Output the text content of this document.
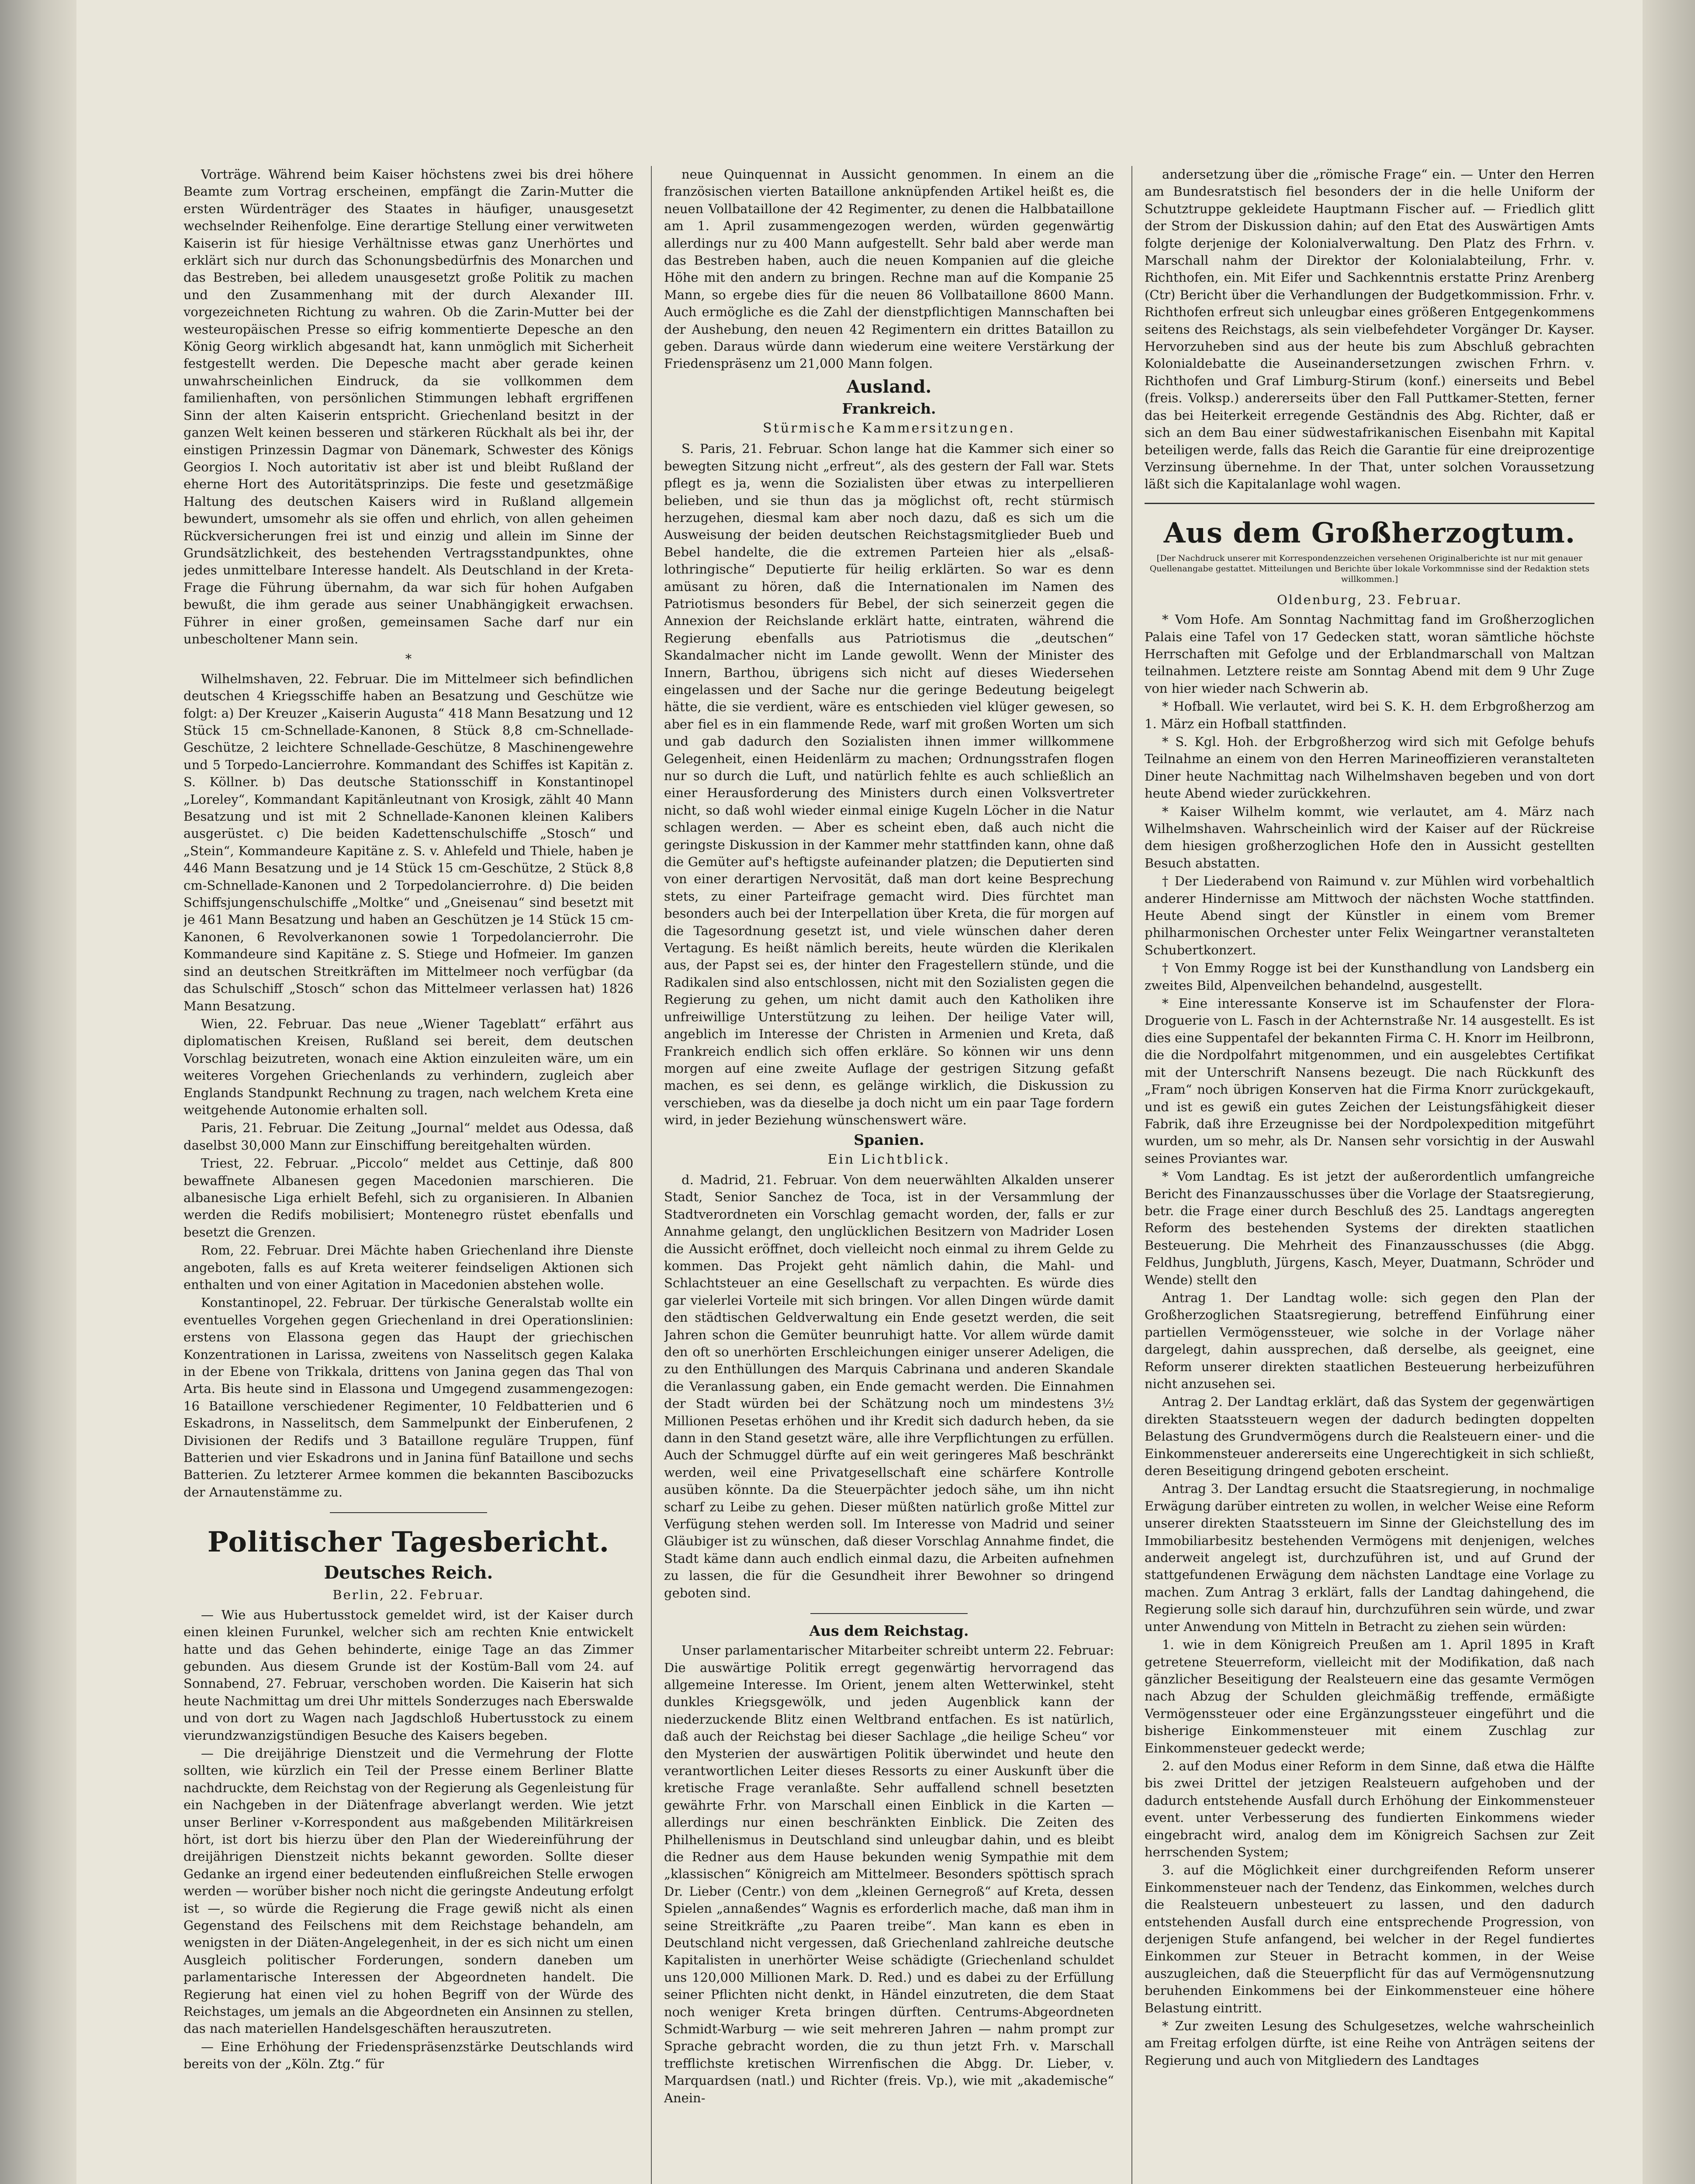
Vorträge. Während beim Kaiser höchstens zwei bis drei höhere Beamte zum Vortrag erscheinen, empfängt die Zarin-Mutter die ersten Würdenträger des Staates in häufiger, unausgesetzt wechselnder Reihenfolge. Eine derartige Stellung einer verwitweten Kaiserin ist für hiesige Verhältnisse etwas ganz Unerhörtes und erklärt sich nur durch das Schonungsbedürfnis des Monarchen und das Bestreben, bei alledem unausgesetzt große Politik zu machen und den Zusammenhang mit der durch Alexander III. vorgezeichneten Richtung zu wahren. Ob die Zarin-Mutter bei der westeuropäischen Presse so eifrig kommentierte Depesche an den König Georg wirklich abgesandt hat, kann unmöglich mit Sicherheit festgestellt werden. Die Depesche macht aber gerade keinen unwahrscheinlichen Eindruck, da sie vollkommen dem familienhaften, von persönlichen Stimmungen lebhaft ergriffenen Sinn der alten Kaiserin entspricht. Griechenland besitzt in der ganzen Welt keinen besseren und stärkeren Rückhalt als bei ihr, der einstigen Prinzessin Dagmar von Dänemark, Schwester des Königs Georgios I. Noch autoritativ ist aber ist und bleibt Rußland der eherne Hort des Autoritätsprinzips. Die feste und gesetzmäßige Haltung des deutschen Kaisers wird in Rußland allgemein bewundert, umsomehr als sie offen und ehrlich, von allen geheimen Rückversicherungen frei ist und einzig und allein im Sinne der Grundsätzlichkeit, des bestehenden Vertragsstandpunktes, ohne jedes unmittelbare Interesse handelt. Als Deutschland in der Kreta-Frage die Führung übernahm, da war sich für hohen Aufgaben bewußt, die ihm gerade aus seiner Unabhängigkeit erwachsen. Führer in einer großen, gemeinsamen Sache darf nur ein unbescholtener Mann sein.

*

Wilhelmshaven, 22. Februar. Die im Mittelmeer sich befindlichen deutschen 4 Kriegsschiffe haben an Besatzung und Geschütze wie folgt: a) Der Kreuzer „Kaiserin Augusta“ 418 Mann Besatzung und 12 Stück 15 cm-Schnellade-Kanonen, 8 Stück 8,8 cm-Schnellade-Geschütze, 2 leichtere Schnellade-Geschütze, 8 Maschinengewehre und 5 Torpedo-Lancierrohre. Kommandant des Schiffes ist Kapitän z. S. Köllner. b) Das deutsche Stationsschiff in Konstantinopel „Loreley“, Kommandant Kapitänleutnant von Krosigk, zählt 40 Mann Besatzung und ist mit 2 Schnellade-Kanonen kleinen Kalibers ausgerüstet. c) Die beiden Kadettenschulschiffe „Stosch“ und „Stein“, Kommandeure Kapitäne z. S. v. Ahlefeld und Thiele, haben je 446 Mann Besatzung und je 14 Stück 15 cm-Geschütze, 2 Stück 8,8 cm-Schnellade-Kanonen und 2 Torpedolancierrohre. d) Die beiden Schiffsjungenschulschiffe „Moltke“ und „Gneisenau“ sind besetzt mit je 461 Mann Besatzung und haben an Geschützen je 14 Stück 15 cm-Kanonen, 6 Revolverkanonen sowie 1 Torpedolancierrohr. Die Kommandeure sind Kapitäne z. S. Stiege und Hofmeier. Im ganzen sind an deutschen Streitkräften im Mittelmeer noch verfügbar (da das Schulschiff „Stosch“ schon das Mittelmeer verlassen hat) 1826 Mann Besatzung.

Wien, 22. Februar. Das neue „Wiener Tageblatt“ erfährt aus diplomatischen Kreisen, Rußland sei bereit, dem deutschen Vorschlag beizutreten, wonach eine Aktion einzuleiten wäre, um ein weiteres Vorgehen Griechenlands zu verhindern, zugleich aber Englands Standpunkt Rechnung zu tragen, nach welchem Kreta eine weitgehende Autonomie erhalten soll.

Paris, 21. Februar. Die Zeitung „Journal“ meldet aus Odessa, daß daselbst 30,000 Mann zur Einschiffung bereitgehalten würden.

Triest, 22. Februar. „Piccolo“ meldet aus Cettinje, daß 800 bewaffnete Albanesen gegen Macedonien marschieren. Die albanesische Liga erhielt Befehl, sich zu organisieren. In Albanien werden die Redifs mobilisiert; Montenegro rüstet ebenfalls und besetzt die Grenzen.

Rom, 22. Februar. Drei Mächte haben Griechenland ihre Dienste angeboten, falls es auf Kreta weiterer feindseligen Aktionen sich enthalten und von einer Agitation in Macedonien abstehen wolle.

Konstantinopel, 22. Februar. Der türkische Generalstab wollte ein eventuelles Vorgehen gegen Griechenland in drei Operationslinien: erstens von Elassona gegen das Haupt der griechischen Konzentrationen in Larissa, zweitens von Nasselitsch gegen Kalaka in der Ebene von Trikkala, drittens von Janina gegen das Thal von Arta. Bis heute sind in Elassona und Umgegend zusammengezogen: 16 Bataillone verschiedener Regimenter, 10 Feldbatterien und 6 Eskadrons, in Nasselitsch, dem Sammelpunkt der Einberufenen, 2 Divisionen der Redifs und 3 Bataillone reguläre Truppen, fünf Batterien und vier Eskadrons und in Janina fünf Bataillone und sechs Batterien. Zu letzterer Armee kommen die bekannten Bascibozucks der Arnautenstämme zu.

Politischer Tagesbericht.
Deutsches Reich.
Berlin, 22. Februar.

— Wie aus Hubertusstock gemeldet wird, ist der Kaiser durch einen kleinen Furunkel, welcher sich am rechten Knie entwickelt hatte und das Gehen behinderte, einige Tage an das Zimmer gebunden. Aus diesem Grunde ist der Kostüm-Ball vom 24. auf Sonnabend, 27. Februar, verschoben worden. Die Kaiserin hat sich heute Nachmittag um drei Uhr mittels Sonderzuges nach Eberswalde und von dort zu Wagen nach Jagdschloß Hubertusstock zu einem vierundzwanzigstündigen Besuche des Kaisers begeben.

— Die dreijährige Dienstzeit und die Vermehrung der Flotte sollten, wie kürzlich ein Teil der Presse einem Berliner Blatte nachdruckte, dem Reichstag von der Regierung als Gegenleistung für ein Nachgeben in der Diätenfrage abverlangt werden. Wie jetzt unser Berliner v-Korrespondent aus maßgebenden Militärkreisen hört, ist dort bis hierzu über den Plan der Wiedereinführung der dreijährigen Dienstzeit nichts bekannt geworden. Sollte dieser Gedanke an irgend einer bedeutenden einflußreichen Stelle erwogen werden — worüber bisher noch nicht die geringste Andeutung erfolgt ist —, so würde die Regierung die Frage gewiß nicht als einen Gegenstand des Feilschens mit dem Reichstage behandeln, am wenigsten in der Diäten-Angelegenheit, in der es sich nicht um einen Ausgleich politischer Forderungen, sondern daneben um parlamentarische Interessen der Abgeordneten handelt. Die Regierung hat einen viel zu hohen Begriff von der Würde des Reichstages, um jemals an die Abgeordneten ein Ansinnen zu stellen, das nach materiellen Handelsgeschäften herauszutreten.

— Eine Erhöhung der Friedenspräsenzstärke Deutschlands wird bereits von der „Köln. Ztg.“ für

neue Quinquennat in Aussicht genommen. In einem an die französischen vierten Bataillone anknüpfenden Artikel heißt es, die neuen Vollbataillone der 42 Regimenter, zu denen die Halbbataillone am 1. April zusammengezogen werden, würden gegenwärtig allerdings nur zu 400 Mann aufgestellt. Sehr bald aber werde man das Bestreben haben, auch die neuen Kompanien auf die gleiche Höhe mit den andern zu bringen. Rechne man auf die Kompanie 25 Mann, so ergebe dies für die neuen 86 Vollbataillone 8600 Mann. Auch ermögliche es die Zahl der dienstpflichtigen Mannschaften bei der Aushebung, den neuen 42 Regimentern ein drittes Bataillon zu geben. Daraus würde dann wiederum eine weitere Verstärkung der Friedenspräsenz um 21,000 Mann folgen.

Ausland.
Frankreich.
Stürmische Kammersitzungen.

S. Paris, 21. Februar. Schon lange hat die Kammer sich einer so bewegten Sitzung nicht „erfreut“, als des gestern der Fall war. Stets pflegt es ja, wenn die Sozialisten über etwas zu interpellieren belieben, und sie thun das ja möglichst oft, recht stürmisch herzugehen, diesmal kam aber noch dazu, daß es sich um die Ausweisung der beiden deutschen Reichstagsmitglieder Bueb und Bebel handelte, die die extremen Parteien hier als „elsaß-lothringische“ Deputierte für heilig erklärten. So war es denn amüsant zu hören, daß die Internationalen im Namen des Patriotismus besonders für Bebel, der sich seinerzeit gegen die Annexion der Reichslande erklärt hatte, eintraten, während die Regierung ebenfalls aus Patriotismus die „deutschen“ Skandalmacher nicht im Lande gewollt. Wenn der Minister des Innern, Barthou, übrigens sich nicht auf dieses Wiedersehen eingelassen und der Sache nur die geringe Bedeutung beigelegt hätte, die sie verdient, wäre es entschieden viel klüger gewesen, so aber fiel es in ein flammende Rede, warf mit großen Worten um sich und gab dadurch den Sozialisten ihnen immer willkommene Gelegenheit, einen Heidenlärm zu machen; Ordnungsstrafen flogen nur so durch die Luft, und natürlich fehlte es auch schließlich an einer Herausforderung des Ministers durch einen Volksvertreter nicht, so daß wohl wieder einmal einige Kugeln Löcher in die Natur schlagen werden. — Aber es scheint eben, daß auch nicht die geringste Diskussion in der Kammer mehr stattfinden kann, ohne daß die Gemüter auf's heftigste aufeinander platzen; die Deputierten sind von einer derartigen Nervosität, daß man dort keine Besprechung stets, zu einer Parteifrage gemacht wird. Dies fürchtet man besonders auch bei der Interpellation über Kreta, die für morgen auf die Tagesordnung gesetzt ist, und viele wünschen daher deren Vertagung. Es heißt nämlich bereits, heute würden die Klerikalen aus, der Papst sei es, der hinter den Fragestellern stünde, und die Radikalen sind also entschlossen, nicht mit den Sozialisten gegen die Regierung zu gehen, um nicht damit auch den Katholiken ihre unfreiwillige Unterstützung zu leihen. Der heilige Vater will, angeblich im Interesse der Christen in Armenien und Kreta, daß Frankreich endlich sich offen erkläre. So können wir uns denn morgen auf eine zweite Auflage der gestrigen Sitzung gefaßt machen, es sei denn, es gelänge wirklich, die Diskussion zu verschieben, was da dieselbe ja doch nicht um ein paar Tage fordern wird, in jeder Beziehung wünschenswert wäre.

Spanien.
Ein Lichtblick.

d. Madrid, 21. Februar. Von dem neuerwählten Alkalden unserer Stadt, Senior Sanchez de Toca, ist in der Versammlung der Stadtverordneten ein Vorschlag gemacht worden, der, falls er zur Annahme gelangt, den unglücklichen Besitzern von Madrider Losen die Aussicht eröffnet, doch vielleicht noch einmal zu ihrem Gelde zu kommen. Das Projekt geht nämlich dahin, die Mahl- und Schlachtsteuer an eine Gesellschaft zu verpachten. Es würde dies gar vielerlei Vorteile mit sich bringen. Vor allen Dingen würde damit den städtischen Geldverwaltung ein Ende gesetzt werden, die seit Jahren schon die Gemüter beunruhigt hatte. Vor allem würde damit den oft so unerhörten Erschleichungen einiger unserer Adeligen, die zu den Enthüllungen des Marquis Cabrinana und anderen Skandale die Veranlassung gaben, ein Ende gemacht werden. Die Einnahmen der Stadt würden bei der Schätzung noch um mindestens 3½ Millionen Pesetas erhöhen und ihr Kredit sich dadurch heben, da sie dann in den Stand gesetzt wäre, alle ihre Verpflichtungen zu erfüllen. Auch der Schmuggel dürfte auf ein weit geringeres Maß beschränkt werden, weil eine Privatgesellschaft eine schärfere Kontrolle ausüben könnte. Da die Steuerpächter jedoch sähe, um ihn nicht scharf zu Leibe zu gehen. Dieser müßten natürlich große Mittel zur Verfügung stehen werden soll. Im Interesse von Madrid und seiner Gläubiger ist zu wünschen, daß dieser Vorschlag Annahme findet, die Stadt käme dann auch endlich einmal dazu, die Arbeiten aufnehmen zu lassen, die für die Gesundheit ihrer Bewohner so dringend geboten sind.

Aus dem Reichstag.

Unser parlamentarischer Mitarbeiter schreibt unterm 22. Februar: Die auswärtige Politik erregt gegenwärtig hervorragend das allgemeine Interesse. Im Orient, jenem alten Wetterwinkel, steht dunkles Kriegsgewölk, und jeden Augenblick kann der niederzuckende Blitz einen Weltbrand entfachen. Es ist natürlich, daß auch der Reichstag bei dieser Sachlage „die heilige Scheu“ vor den Mysterien der auswärtigen Politik überwindet und heute den verantwortlichen Leiter dieses Ressorts zu einer Auskunft über die kretische Frage veranlaßte. Sehr auffallend schnell besetzten gewährte Frhr. von Marschall einen Einblick in die Karten — allerdings nur einen beschränkten Einblick. Die Zeiten des Philhellenismus in Deutschland sind unleugbar dahin, und es bleibt die Redner aus dem Hause bekunden wenig Sympathie mit dem „klassischen“ Königreich am Mittelmeer. Besonders spöttisch sprach Dr. Lieber (Centr.) von dem „kleinen Gernegroß“ auf Kreta, dessen Spielen „annaßendes“ Wagnis es erforderlich mache, daß man ihm in seine Streitkräfte „zu Paaren treibe“. Man kann es eben in Deutschland nicht vergessen, daß Griechenland zahlreiche deutsche Kapitalisten in unerhörter Weise schädigte (Griechenland schuldet uns 120,000 Millionen Mark. D. Red.) und es dabei zu der Erfüllung seiner Pflichten nicht denkt, in Händel einzutreten, die dem Staat noch weniger Kreta bringen dürften. Centrums-Abgeordneten Schmidt-Warburg — wie seit mehreren Jahren — nahm prompt zur Sprache gebracht worden, die zu thun jetzt Frh. v. Marschall trefflichste kretischen Wirrenfischen die Abgg. Dr. Lieber, v. Marquardsen (natl.) und Richter (freis. Vp.), wie mit „akademische“ Anein-

andersetzung über die „römische Frage“ ein. — Unter den Herren am Bundesratstisch fiel besonders der in die helle Uniform der Schutztruppe gekleidete Hauptmann Fischer auf. — Friedlich glitt der Strom der Diskussion dahin; auf den Etat des Auswärtigen Amts folgte derjenige der Kolonialverwaltung. Den Platz des Frhrn. v. Marschall nahm der Direktor der Kolonialabteilung, Frhr. v. Richthofen, ein. Mit Eifer und Sachkenntnis erstatte Prinz Arenberg (Ctr) Bericht über die Verhandlungen der Budgetkommission. Frhr. v. Richthofen erfreut sich unleugbar eines größeren Entgegenkommens seitens des Reichstags, als sein vielbefehdeter Vorgänger Dr. Kayser. Hervorzuheben sind aus der heute bis zum Abschluß gebrachten Kolonialdebatte die Auseinandersetzungen zwischen Frhrn. v. Richthofen und Graf Limburg-Stirum (konf.) einerseits und Bebel (freis. Volksp.) andererseits über den Fall Puttkamer-Stetten, ferner das bei Heiterkeit erregende Geständnis des Abg. Richter, daß er sich an dem Bau einer südwestafrikanischen Eisenbahn mit Kapital beteiligen werde, falls das Reich die Garantie für eine dreiprozentige Verzinsung übernehme. In der That, unter solchen Voraussetzung läßt sich die Kapitalanlage wohl wagen.

Aus dem Großherzogtum.
[Der Nachdruck unserer mit Korrespondenzzeichen versehenen Originalberichte ist nur mit genauer Quellenangabe gestattet. Mitteilungen und Berichte über lokale Vorkommnisse sind der Redaktion stets willkommen.]
Oldenburg, 23. Februar.

* Vom Hofe. Am Sonntag Nachmittag fand im Großherzoglichen Palais eine Tafel von 17 Gedecken statt, woran sämtliche höchste Herrschaften mit Gefolge und der Erblandmarschall von Maltzan teilnahmen. Letztere reiste am Sonntag Abend mit dem 9 Uhr Zuge von hier wieder nach Schwerin ab.

* Hofball. Wie verlautet, wird bei S. K. H. dem Erbgroßherzog am 1. März ein Hofball stattfinden.

* S. Kgl. Hoh. der Erbgroßherzog wird sich mit Gefolge behufs Teilnahme an einem von den Herren Marineoffizieren veranstalteten Diner heute Nachmittag nach Wilhelmshaven begeben und von dort heute Abend wieder zurückkehren.

* Kaiser Wilhelm kommt, wie verlautet, am 4. März nach Wilhelmshaven. Wahrscheinlich wird der Kaiser auf der Rückreise dem hiesigen großherzoglichen Hofe den in Aussicht gestellten Besuch abstatten.

† Der Liederabend von Raimund v. zur Mühlen wird vorbehaltlich anderer Hindernisse am Mittwoch der nächsten Woche stattfinden. Heute Abend singt der Künstler in einem vom Bremer philharmonischen Orchester unter Felix Weingartner veranstalteten Schubertkonzert.

† Von Emmy Rogge ist bei der Kunsthandlung von Landsberg ein zweites Bild, Alpenveilchen behandelnd, ausgestellt.

* Eine interessante Konserve ist im Schaufenster der Flora-Droguerie von L. Fasch in der Achternstraße Nr. 14 ausgestellt. Es ist dies eine Suppentafel der bekannten Firma C. H. Knorr im Heilbronn, die die Nordpolfahrt mitgenommen, und ein ausgelebtes Certifikat mit der Unterschrift Nansens bezeugt. Die nach Rückkunft des „Fram“ noch übrigen Konserven hat die Firma Knorr zurückgekauft, und ist es gewiß ein gutes Zeichen der Leistungsfähigkeit dieser Fabrik, daß ihre Erzeugnisse bei der Nordpolexpedition mitgeführt wurden, um so mehr, als Dr. Nansen sehr vorsichtig in der Auswahl seines Proviantes war.

* Vom Landtag. Es ist jetzt der außerordentlich umfangreiche Bericht des Finanzausschusses über die Vorlage der Staatsregierung, betr. die Frage einer durch Beschluß des 25. Landtags angeregten Reform des bestehenden Systems der direkten staatlichen Besteuerung. Die Mehrheit des Finanzausschusses (die Abgg. Feldhus, Jungbluth, Jürgens, Kasch, Meyer, Duatmann, Schröder und Wende) stellt den

Antrag 1. Der Landtag wolle: sich gegen den Plan der Großherzoglichen Staatsregierung, betreffend Einführung einer partiellen Vermögenssteuer, wie solche in der Vorlage näher dargelegt, dahin aussprechen, daß derselbe, als geeignet, eine Reform unserer direkten staatlichen Besteuerung herbeizuführen nicht anzusehen sei.

Antrag 2. Der Landtag erklärt, daß das System der gegenwärtigen direkten Staatssteuern wegen der dadurch bedingten doppelten Belastung des Grundvermögens durch die Realsteuern einer- und die Einkommensteuer andererseits eine Ungerechtigkeit in sich schließt, deren Beseitigung dringend geboten erscheint.

Antrag 3. Der Landtag ersucht die Staatsregierung, in nochmalige Erwägung darüber eintreten zu wollen, in welcher Weise eine Reform unserer direkten Staatssteuern im Sinne der Gleichstellung des im Immobiliarbesitz bestehenden Vermögens mit denjenigen, welches anderweit angelegt ist, durchzuführen ist, und auf Grund der stattgefundenen Erwägung dem nächsten Landtage eine Vorlage zu machen. Zum Antrag 3 erklärt, falls der Landtag dahingehend, die Regierung solle sich darauf hin, durchzuführen sein würde, und zwar unter Anwendung von Mitteln in Betracht zu ziehen sein würden:

1. wie in dem Königreich Preußen am 1. April 1895 in Kraft getretene Steuerreform, vielleicht mit der Modifikation, daß nach gänzlicher Beseitigung der Realsteuern eine das gesamte Vermögen nach Abzug der Schulden gleichmäßig treffende, ermäßigte Vermögenssteuer oder eine Ergänzungssteuer eingeführt und die bisherige Einkommensteuer mit einem Zuschlag zur Einkommensteuer gedeckt werde;

2. auf den Modus einer Reform in dem Sinne, daß etwa die Hälfte bis zwei Drittel der jetzigen Realsteuern aufgehoben und der dadurch entstehende Ausfall durch Erhöhung der Einkommensteuer event. unter Verbesserung des fundierten Einkommens wieder eingebracht wird, analog dem im Königreich Sachsen zur Zeit herrschenden System;

3. auf die Möglichkeit einer durchgreifenden Reform unserer Einkommensteuer nach der Tendenz, das Einkommen, welches durch die Realsteuern unbesteuert zu lassen, und den dadurch entstehenden Ausfall durch eine entsprechende Progression, von derjenigen Stufe anfangend, bei welcher in der Regel fundiertes Einkommen zur Steuer in Betracht kommen, in der Weise auszugleichen, daß die Steuerpflicht für das auf Vermögensnutzung beruhenden Einkommens bei der Einkommensteuer eine höhere Belastung eintritt.

* Zur zweiten Lesung des Schulgesetzes, welche wahrscheinlich am Freitag erfolgen dürfte, ist eine Reihe von Anträgen seitens der Regierung und auch von Mitgliedern des Landtages
